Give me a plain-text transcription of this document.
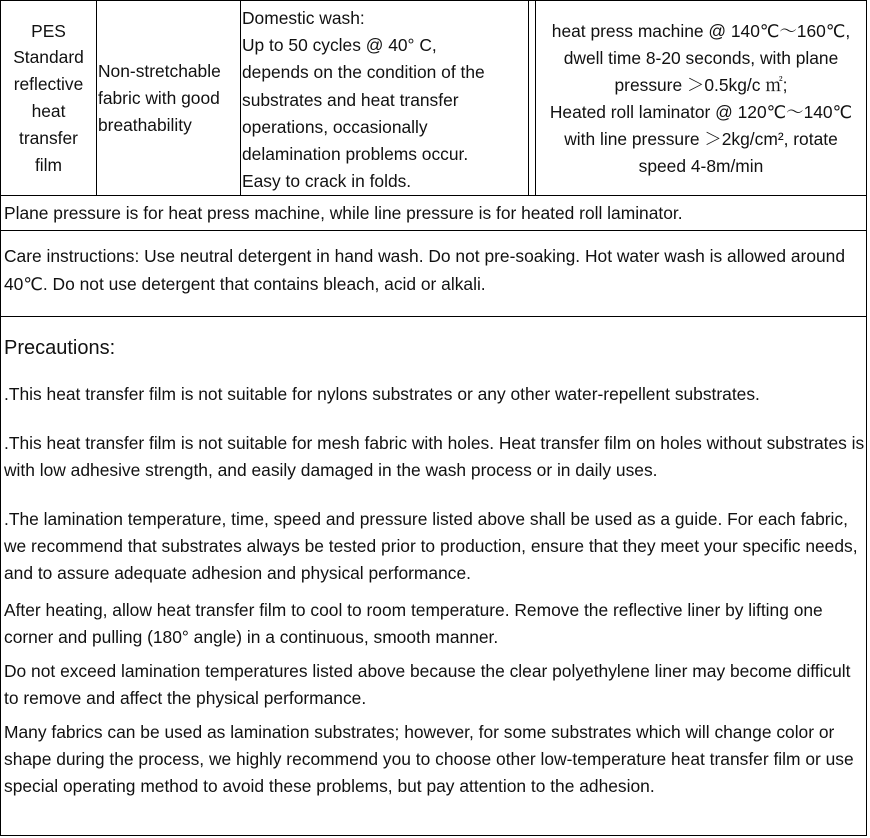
PES
Standard
reflective
heat
transfer
film
Non-stretchable
fabric with good
breathability
Domestic wash:
Up to 50 cycles @ 40° C,
depends on the condition of the
substrates and heat transfer
operations, occasionally
delamination problems occur.
Easy to crack in folds.
heat press machine @ 140℃～160℃,
dwell time 8-20 seconds, with plane
pressure ＞0.5kg/c ㎡;
Heated roll laminator @ 120℃～140℃
with line pressure ＞2kg/cm², rotate
speed 4-8m/min
Plane pressure is for heat press machine, while line pressure is for heated roll laminator.
Care instructions: Use neutral detergent in hand wash. Do not pre-soaking. Hot water wash is allowed around 40℃. Do not use detergent that contains bleach, acid or alkali.

Precautions:

.This heat transfer film is not suitable for nylons substrates or any other water-repellent substrates.

.This heat transfer film is not suitable for mesh fabric with holes. Heat transfer film on holes without substrates is with low adhesive strength, and easily damaged in the wash process or in daily uses.

.The lamination temperature, time, speed and pressure listed above shall be used as a guide. For each fabric, we recommend that substrates always be tested prior to production, ensure that they meet your specific needs, and to assure adequate adhesion and physical performance.

After heating, allow heat transfer film to cool to room temperature. Remove the reflective liner by lifting one corner and pulling (180° angle) in a continuous, smooth manner.

Do not exceed lamination temperatures listed above because the clear polyethylene liner may become difficult to remove and affect the physical performance.

Many fabrics can be used as lamination substrates; however, for some substrates which will change color or shape during the process, we highly recommend you to choose other low-temperature heat transfer film or use special operating method to avoid these problems, but pay attention to the adhesion.
